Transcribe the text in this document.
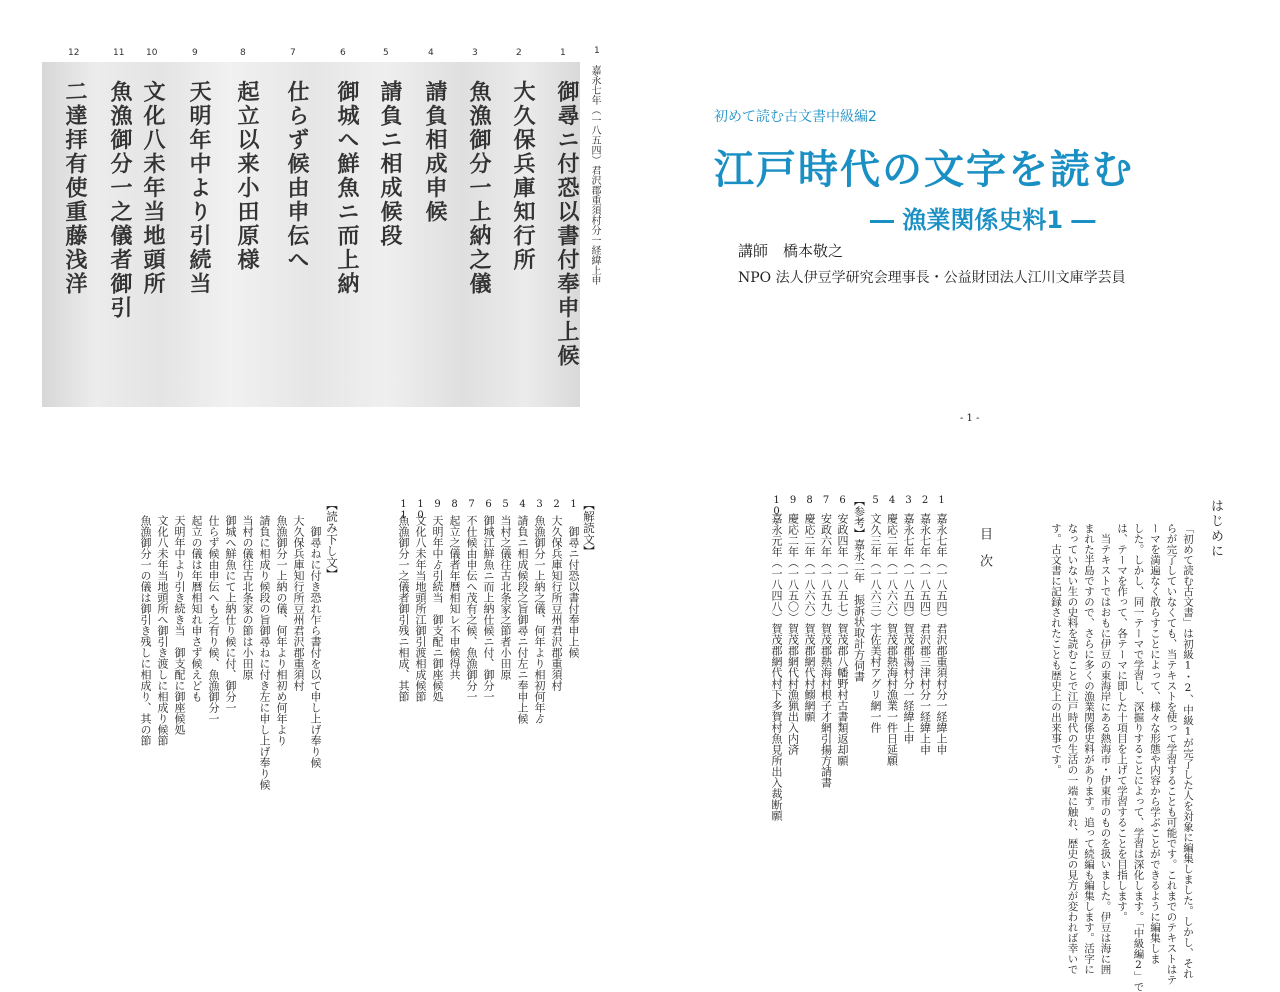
12	11 10	9	8	7	6	5	4	3	2	1
二達拝有使重藤浅洋 魚漁御分一之儀者御引 文化八未年当地頭所 天明年中より引続当 起立以来小田原様 仕らず候由申伝へ 御城へ鮮魚ニ而上納 請負ニ相成候段 請負相成申候 魚漁御分一上納之儀 大久保兵庫知行所 御尋ニ付恐以書付奉申上候
1
嘉永七年（一八五四）君沢郡重須村分一経緯上申	初めて読む古文書中級編2
江戸時代の文字を読む
― 漁業関係史料1 ―
講師　橋本敬之
NPO 法人伊豆学研究会理事長・公益財団法人江川文庫学芸員
- 1 -
【解読文】
1
　御尋ニ付恐以書付奉申上候
2
大久保兵庫知行所豆州君沢郡重須村
3
魚漁御分一上納之儀、何年より相初何年ゟ
4
請負ニ相成候段之旨御尋ニ付左ニ奉申上候
5
当村之儀往古北条家之節者小田原
6
御城江鮮魚ニ而上納仕候ニ付、御分一
7
不仕候由申伝へ茂有之候、魚漁御分一
8
起立之儀者年暦相知レ不申候得共
9
天明年中ゟ引続当　御支配ニ御座候処
10
文化八未年当地頭所江御引渡相成候節
11
魚漁御分一之儀者御引残ニ相成、其節
【読み下し文】
　御尋ねに付き恐れ乍ら書付を以て申し上げ奉り候
大久保兵庫知行所豆州君沢郡重須村
魚漁御分一上納の儀、何年より相初め何年より
請負に相成り候段の旨御尋ねに付き左に申し上げ奉り候
当村の儀往古北条家の節は小田原
御城へ鮮魚にて上納仕り候に付、御分一
仕らず候由申伝へも之有り候、魚漁御分一
起立の儀は年暦相知れ申さず候えども
天明年中より引き続き当　御支配に御座候処
文化八未年当地頭所へ御引き渡しに相成り候節
魚漁御分一の儀は御引き残しに相成り、其の節	目次
1
嘉永七年（一八五四）君沢郡重須村分一経緯上申
2
嘉永七年（一八五四）君沢郡三津村分一経緯上申
3
嘉永七年（一八五四）賀茂郡湯村分一経緯上申
4
慶応二年（一八六六）賀茂郡熱海村漁業一件日延願
5
文久三年（一八六三）宇佐美村アグリ網一件
【参考】嘉永二年　振訴状取計方伺書
6
安政四年（一八五七）賀茂郡八幡野村古書類返却願
7
安政六年（一八五九）賀茂郡熱海村根子才網引揚方請書
8
慶応二年（一八六六）賀茂郡網代村鰯網願
9
慶応二年（一八五〇）賀茂郡網代村漁猟出入内済
10
嘉永元年（一八四八）賀茂郡網代村下多賀村魚見所出入裁断願	はじめに
「初めて読む古文書」は初級1・2、中級1が完了した人を対象に編集しました。しかし、それ
らが完了していなくても、当テキストを使って学習することも可能です。これまでのテキストはテ
ーマを満遍なく散らすことによって、様々な形態や内容から学ぶことができるように編集しま
した。しかし、同一テーマで学習し、深掘りすることによって、学習は深化します。「中級編2」で
は、テーマを作って、各テーマに即した十項目を上げて学習することを目指します。
　当テキストではおもに伊豆の東海岸にある熱海市・伊東市のものを扱いました。伊豆は海に囲
まれた半島ですので、さらに多くの漁業関係史料があります。追って続編も編集します。活字に
なっていない生の史料を読むことで江戸時代の生活の一端に触れ、歴史の見方が変われば幸いで
す。古文書に記録されたことも歴史上の出来事です。
